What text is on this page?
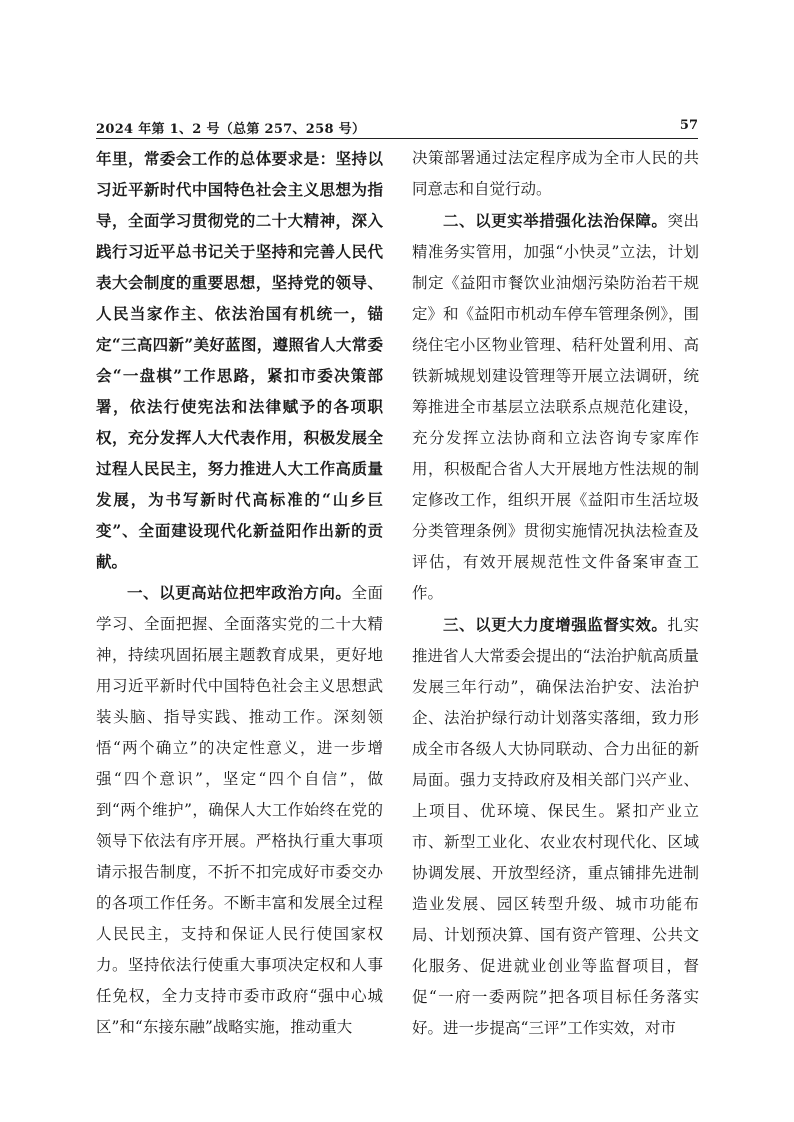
2024 年第 1、2 号（总第 257、258 号）	57

年里，常委会工作的总体要求是：坚持以习近平新时代中国特色社会主义思想为指导，全面学习贯彻党的二十大精神，深入践行习近平总书记关于坚持和完善人民代表大会制度的重要思想，坚持党的领导、人民当家作主、依法治国有机统一，锚定“三高四新”美好蓝图，遵照省人大常委会“一盘棋”工作思路，紧扣市委决策部署，依法行使宪法和法律赋予的各项职权，充分发挥人大代表作用，积极发展全过程人民民主，努力推进人大工作高质量发展，为书写新时代高标准的“山乡巨变”、全面建设现代化新益阳作出新的贡献。

一、以更高站位把牢政治方向。全面学习、全面把握、全面落实党的二十大精神，持续巩固拓展主题教育成果，更好地用习近平新时代中国特色社会主义思想武装头脑、指导实践、推动工作。深刻领悟“两个确立”的决定性意义，进一步增强“四个意识”，坚定“四个自信”，做到“两个维护”，确保人大工作始终在党的领导下依法有序开展。严格执行重大事项请示报告制度，不折不扣完成好市委交办的各项工作任务。不断丰富和发展全过程人民民主，支持和保证人民行使国家权力。坚持依法行使重大事项决定权和人事任免权，全力支持市委市政府“强中心城区”和“东接东融”战略实施，推动重大

决策部署通过法定程序成为全市人民的共同意志和自觉行动。

二、以更实举措强化法治保障。突出精准务实管用，加强“小快灵”立法，计划制定《益阳市餐饮业油烟污染防治若干规定》和《益阳市机动车停车管理条例》，围绕住宅小区物业管理、秸秆处置利用、高铁新城规划建设管理等开展立法调研，统筹推进全市基层立法联系点规范化建设，充分发挥立法协商和立法咨询专家库作用，积极配合省人大开展地方性法规的制定修改工作，组织开展《益阳市生活垃圾分类管理条例》贯彻实施情况执法检查及评估，有效开展规范性文件备案审查工作。

三、以更大力度增强监督实效。扎实推进省人大常委会提出的“法治护航高质量发展三年行动”，确保法治护安、法治护企、法治护绿行动计划落实落细，致力形成全市各级人大协同联动、合力出征的新局面。强力支持政府及相关部门兴产业、上项目、优环境、保民生。紧扣产业立市、新型工业化、农业农村现代化、区域协调发展、开放型经济，重点铺排先进制造业发展、园区转型升级、城市功能布局、计划预决算、国有资产管理、公共文化服务、促进就业创业等监督项目，督促“一府一委两院”把各项目标任务落实好。进一步提高“三评”工作实效，对市
